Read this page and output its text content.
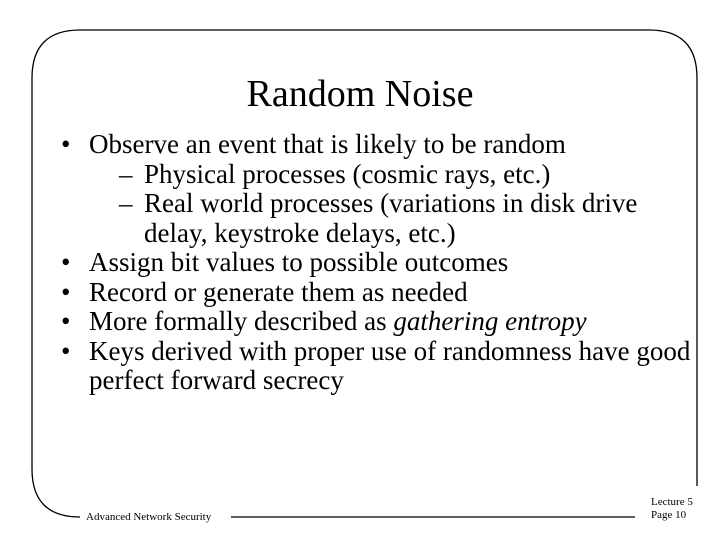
Random Noise
• Observe an event that is likely to be random
– Physical processes (cosmic rays, etc.)
– Real world processes (variations in disk drive delay, keystroke delays, etc.)
• Assign bit values to possible outcomes
• Record or generate them as needed
• More formally described as gathering entropy
• Keys derived with proper use of randomness have good perfect forward secrecy
Advanced Network Security
Lecture 5
Page 10
